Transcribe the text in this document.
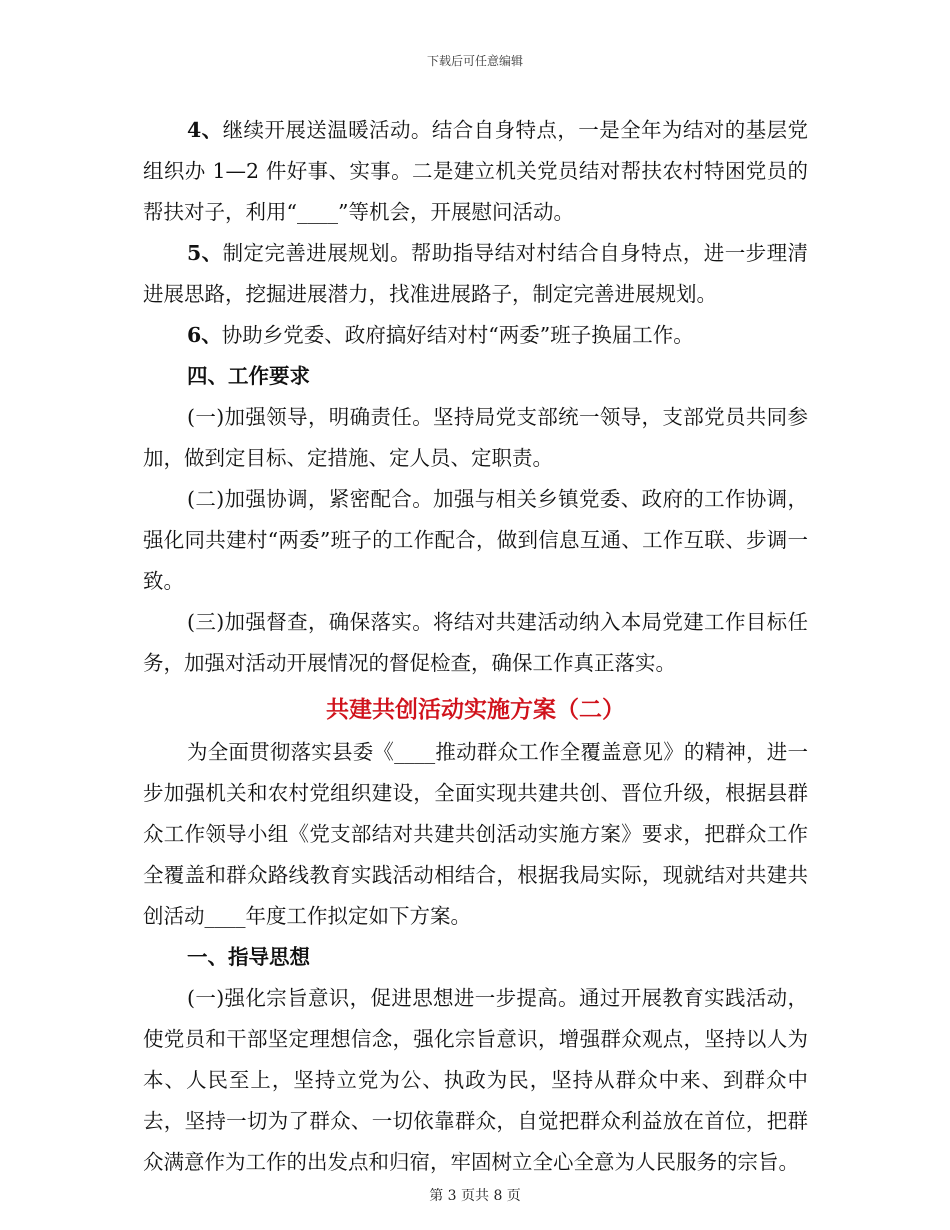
下载后可任意编辑

4、继续开展送温暖活动。结合自身特点，一是全年为结对的基层党组织办 1—2 件好事、实事。二是建立机关党员结对帮扶农村特困党员的帮扶对子，利用“____”等机会，开展慰问活动。

5、制定完善进展规划。帮助指导结对村结合自身特点，进一步理清进展思路，挖掘进展潜力，找准进展路子，制定完善进展规划。

6、协助乡党委、政府搞好结对村“两委”班子换届工作。

四、工作要求

(一)加强领导，明确责任。坚持局党支部统一领导，支部党员共同参加，做到定目标、定措施、定人员、定职责。

(二)加强协调，紧密配合。加强与相关乡镇党委、政府的工作协调，强化同共建村“两委”班子的工作配合，做到信息互通、工作互联、步调一致。

(三)加强督查，确保落实。将结对共建活动纳入本局党建工作目标任务，加强对活动开展情况的督促检查，确保工作真正落实。

共建共创活动实施方案（二）

为全面贯彻落实县委《____推动群众工作全覆盖意见》的精神，进一步加强机关和农村党组织建设，全面实现共建共创、晋位升级，根据县群众工作领导小组《党支部结对共建共创活动实施方案》要求，把群众工作全覆盖和群众路线教育实践活动相结合，根据我局实际，现就结对共建共创活动____年度工作拟定如下方案。

一、指导思想

(一)强化宗旨意识，促进思想进一步提高。通过开展教育实践活动，使党员和干部坚定理想信念，强化宗旨意识，增强群众观点，坚持以人为本、人民至上，坚持立党为公、执政为民，坚持从群众中来、到群众中去，坚持一切为了群众、一切依靠群众，自觉把群众利益放在首位，把群众满意作为工作的出发点和归宿，牢固树立全心全意为人民服务的宗旨。

第 3 页共 8 页
